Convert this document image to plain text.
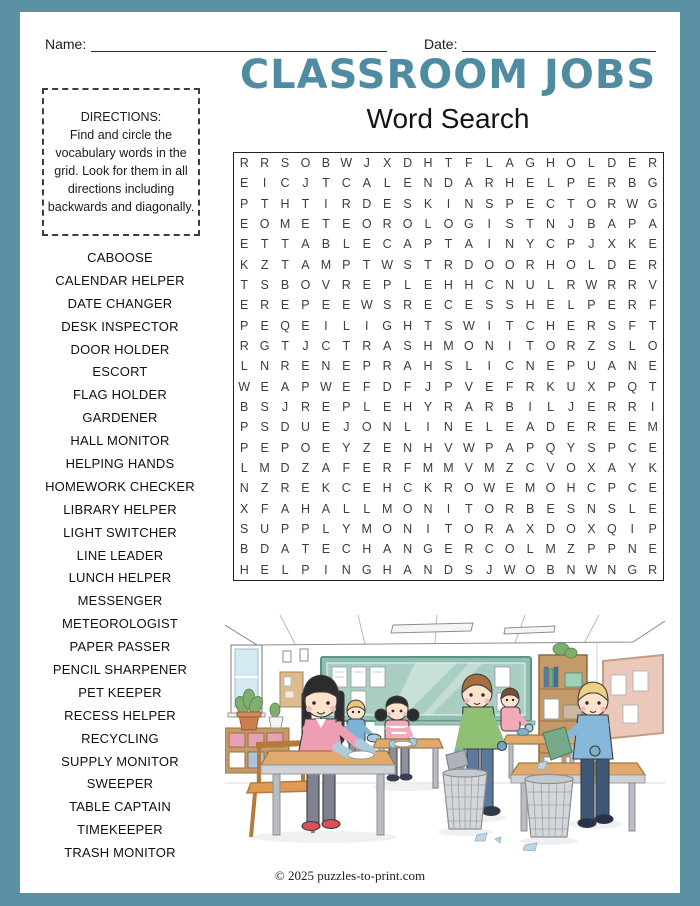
Name:	Date:
CLASSROOM JOBS
Word Search
DIRECTIONS:
Find and circle the vocabulary words in the grid. Look for them in all directions including backwards and diagonally.
CABOOSE
CALENDAR HELPER
DATE CHANGER
DESK INSPECTOR
DOOR HOLDER
ESCORT
FLAG HOLDER
GARDENER
HALL MONITOR
HELPING HANDS
HOMEWORK CHECKER
LIBRARY HELPER
LIGHT SWITCHER
LINE LEADER
LUNCH HELPER
MESSENGER
METEOROLOGIST
PAPER PASSER
PENCIL SHARPENER
PET KEEPER
RECESS HELPER
RECYCLING
SUPPLY MONITOR
SWEEPER
TABLE CAPTAIN
TIMEKEEPER
TRASH MONITOR
R R S O B W J	X D H T	F	L	A G H O L D E R
E	I	C	J	T C A	L	E N D A R H E	L	P E R B G
P T H T	I	R D E S K	I	N S P E C T O R W G
E O M E T E O R O L O G	I	S T N	J	B A P A
E T	T A B	L	E C A P T A	I	N Y C P	J	X K E
K Z	T A M P T W S T R D O O R H O L D E R
T S B O V R E P	L	E H H C N U L R W R R V
E R E P E E W S R E C E S S H E	L	P E R F
P E Q E	I	L	I	G H T S W	I	T C H E R S F	T
R G T	J	C T R A S H M O N	I	T O R Z S	L O
L N R E N E P R A H S	L	I	C N E P U A N E
W E A P W E F D F	J	P V E F R K U X P Q T
B S	J	R E P	L	E H Y R A R B	I	L	J	E R R	I
P S D U E	J O N L	I	N E	L	E A D E R E E M
P E P O E Y Z E N H V W P A P Q Y S P C E
L M D Z A F E R F M M V M Z C V O X A Y K
N Z R E K C E H C K R O W E M O H C P C E
X F A H A	L	L M O N	I	T O R B E S N S	L	E
S U P P	L	Y M O N	I	T O R A X D O X Q	I	P
B D A T E C H A N G E R C O L M Z P P N E
H E	L	P	I	N G H A N D S	J W O B N W N G R
© 2025 puzzles-to-print.com
